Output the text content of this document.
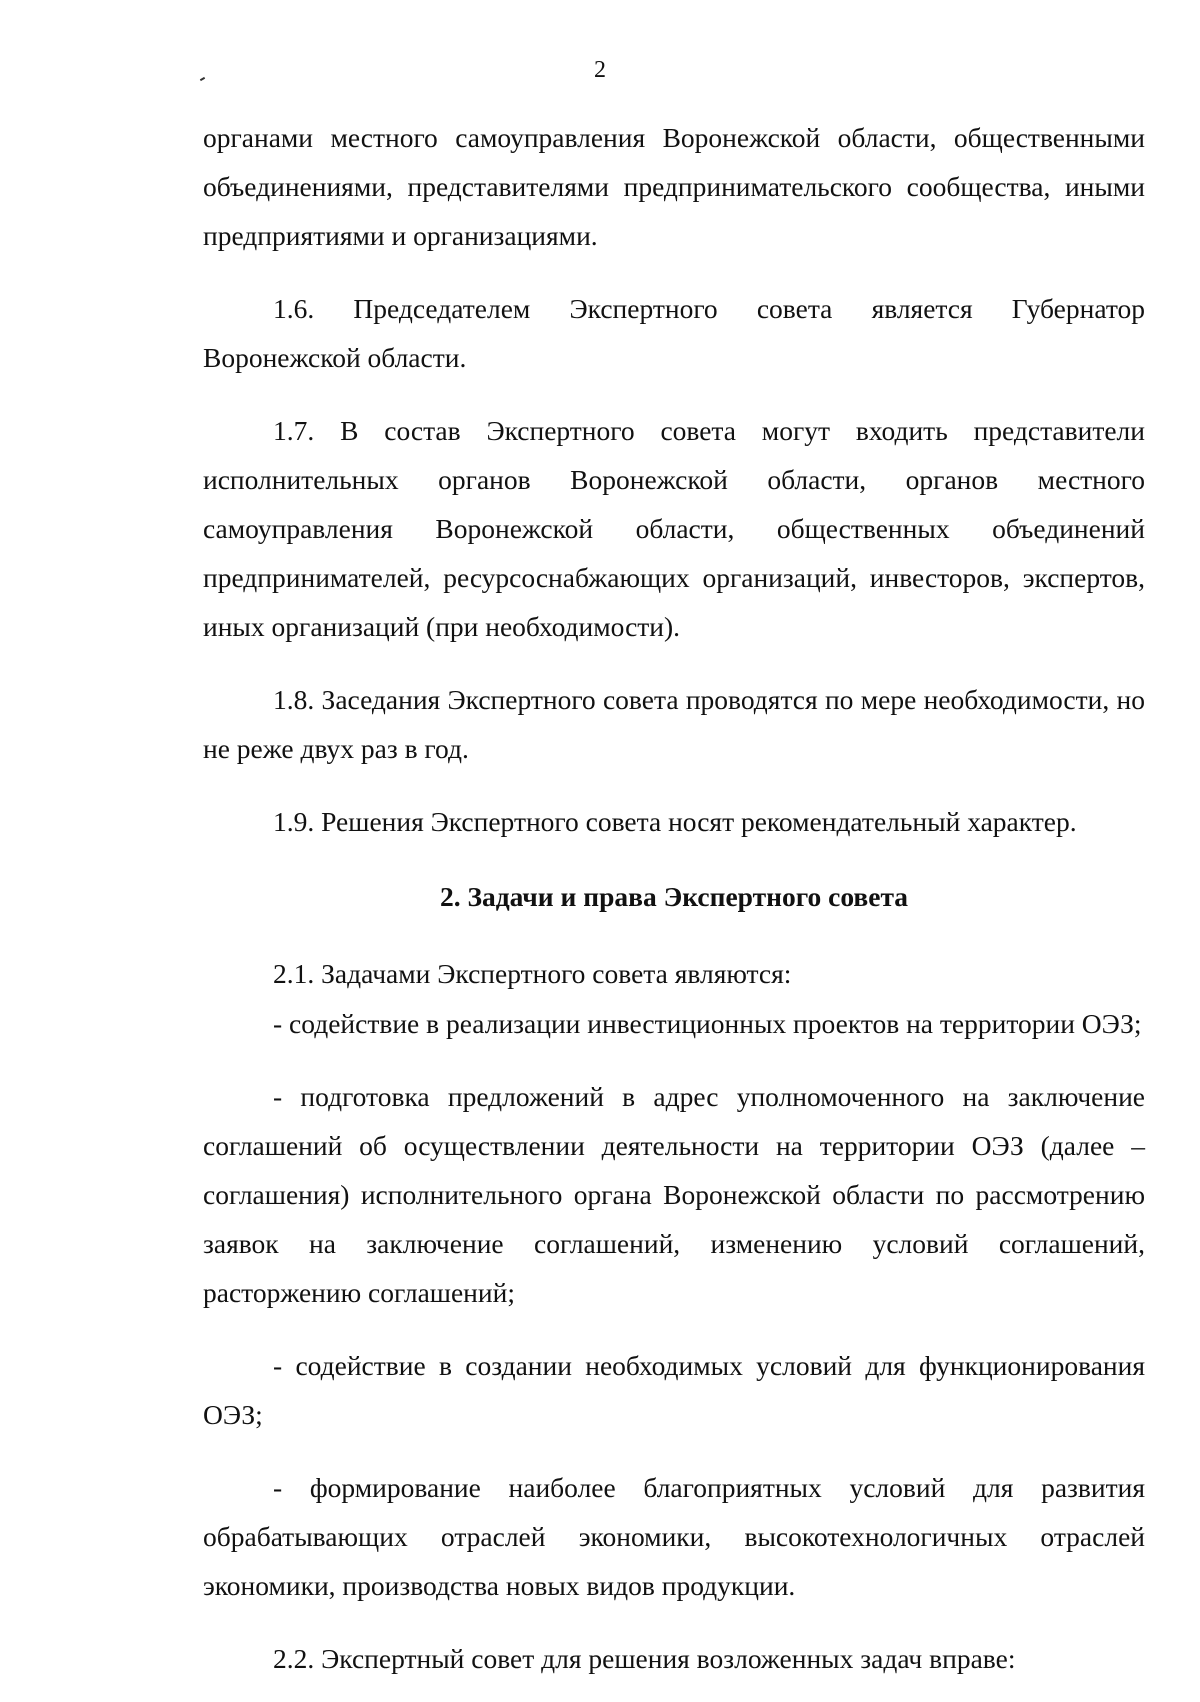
2

органами местного самоуправления Воронежской области, общественными объединениями, представителями предпринимательского сообщества, иными предприятиями и организациями.

1.6. Председателем Экспертного совета является Губернатор Воронежской области.

1.7. В состав Экспертного совета могут входить представители исполнительных органов Воронежской области, органов местного самоуправления Воронежской области, общественных объединений предпринимателей, ресурсоснабжающих организаций, инвесторов, экспертов, иных организаций (при необходимости).

1.8. Заседания Экспертного совета проводятся по мере необходимости, но не реже двух раз в год.

1.9. Решения Экспертного совета носят рекомендательный характер.

2. Задачи и права Экспертного совета

2.1. Задачами Экспертного совета являются:

- содействие в реализации инвестиционных проектов на территории ОЭЗ;

- подготовка предложений в адрес уполномоченного на заключение соглашений об осуществлении деятельности на территории ОЭЗ (далее – соглашения) исполнительного органа Воронежской области по рассмотрению заявок на заключение соглашений, изменению условий соглашений, расторжению соглашений;

- содействие в создании необходимых условий для функционирования ОЭЗ;

- формирование наиболее благоприятных условий для развития обрабатывающих отраслей экономики, высокотехнологичных отраслей экономики, производства новых видов продукции.

2.2. Экспертный совет для решения возложенных задач вправе:
